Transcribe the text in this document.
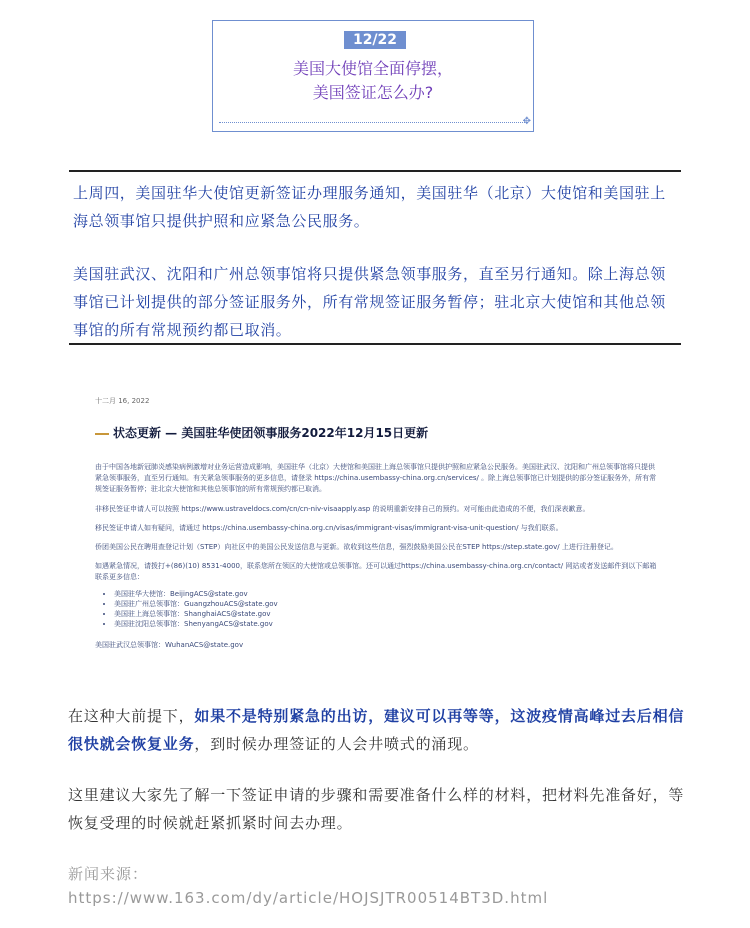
12/22
美国大使馆全面停摆，
美国签证怎么办?
✥

上周四，美国驻华大使馆更新签证办理服务通知，美国驻华（北京）大使馆和美国驻上海总领事馆只提供护照和应紧急公民服务。

美国驻武汉、沈阳和广州总领事馆将只提供紧急领事服务，直至另行通知。除上海总领事馆已计划提供的部分签证服务外，所有常规签证服务暂停；驻北京大使馆和其他总领事馆的所有常规预约都已取消。

十二月 16, 2022
状态更新 — 美国驻华使团领事服务2022年12月15日更新
由于中国各地新冠肺炎感染病例激增对业务运营造成影响，美国驻华（北京）大使馆和美国驻上海总领事馆只提供护照和应紧急公民服务。美国驻武汉、沈阳和广州总领事馆将只提供紧急领事服务，直至另行通知。有关紧急领事服务的更多信息，请登录 https://china.usembassy-china.org.cn/services/ 。除上海总领事馆已计划提供的部分签证服务外，所有常规签证服务暂停；驻北京大使馆和其他总领事馆的所有常规预约都已取消。
非移民签证申请人可以按照 https://www.ustraveldocs.com/cn/cn-niv-visaapply.asp 的说明重新安排自己的预约。对可能由此造成的不便，我们深表歉意。
移民签证申请人如有疑问，请通过 https://china.usembassy-china.org.cn/visas/immigrant-visas/immigrant-visa-unit-question/ 与我们联系。
侨团美国公民在聘用查登记计划（STEP）向社区中的美国公民发送信息与更新。欲收到这些信息，强烈鼓励美国公民在STEP https://step.state.gov/ 上进行注册登记。
如遇紧急情况，请拨打+(86)(10) 8531-4000，联系您所在领区的大使馆或总领事馆。还可以通过https://china.usembassy-china.org.cn/contact/ 网站或者发送邮件到以下邮箱联系更多信息：
• 美国驻华大使馆：BeijingACS@state.gov
• 美国驻广州总领事馆：GuangzhouACS@state.gov
• 美国驻上海总领事馆：ShanghaiACS@state.gov
• 美国驻沈阳总领事馆：ShenyangACS@state.gov
美国驻武汉总领事馆：WuhanACS@state.gov

在这种大前提下，如果不是特别紧急的出访，建议可以再等等，这波疫情高峰过去后相信很快就会恢复业务，到时候办理签证的人会井喷式的涌现。

这里建议大家先了解一下签证申请的步骤和需要准备什么样的材料，把材料先准备好，等恢复受理的时候就赶紧抓紧时间去办理。

新闻来源：

https://www.163.com/dy/article/HOJSJTR00514BT3D.html
